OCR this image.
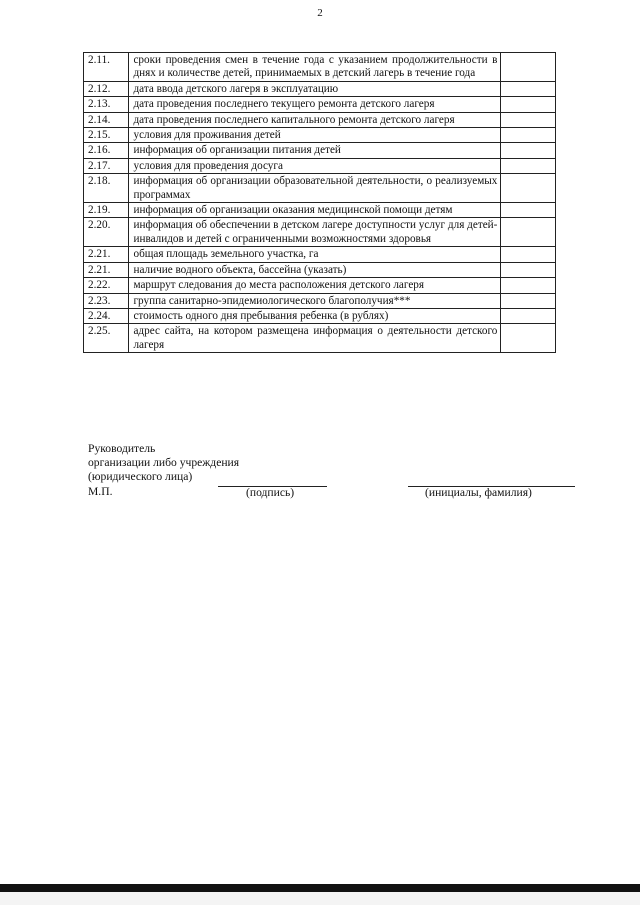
2
2.11.	сроки проведения смен в течение года с указанием продолжительности в днях и количестве детей, принимаемых в детский лагерь в течение года	
2.12.	дата ввода детского лагеря в эксплуатацию	
2.13.	дата проведения последнего текущего ремонта детского лагеря	
2.14.	дата проведения последнего капитального ремонта детского лагеря	
2.15.	условия для проживания детей	
2.16.	информация об организации питания детей	
2.17.	условия для проведения досуга	
2.18.	информация об организации образовательной деятельности, о реализуемых программах	
2.19.	информация об организации оказания медицинской помощи детям	
2.20.	информация об обеспечении в детском лагере доступности услуг для детей-инвалидов и детей с ограниченными возможностями здоровья	
2.21.	общая площадь земельного участка, га	
2.21.	наличие водного объекта, бассейна (указать)	
2.22.	маршрут следования до места расположения детского лагеря	
2.23.	группа санитарно-эпидемиологического благополучия***	
2.24.	стоимость одного дня пребывания ребенка (в рублях)	
2.25.	адрес сайта, на котором размещена информация о деятельности детского лагеря	
Руководитель
организации либо учреждения
(юридического лица)
М.П.	(подпись)	(инициалы, фамилия)
